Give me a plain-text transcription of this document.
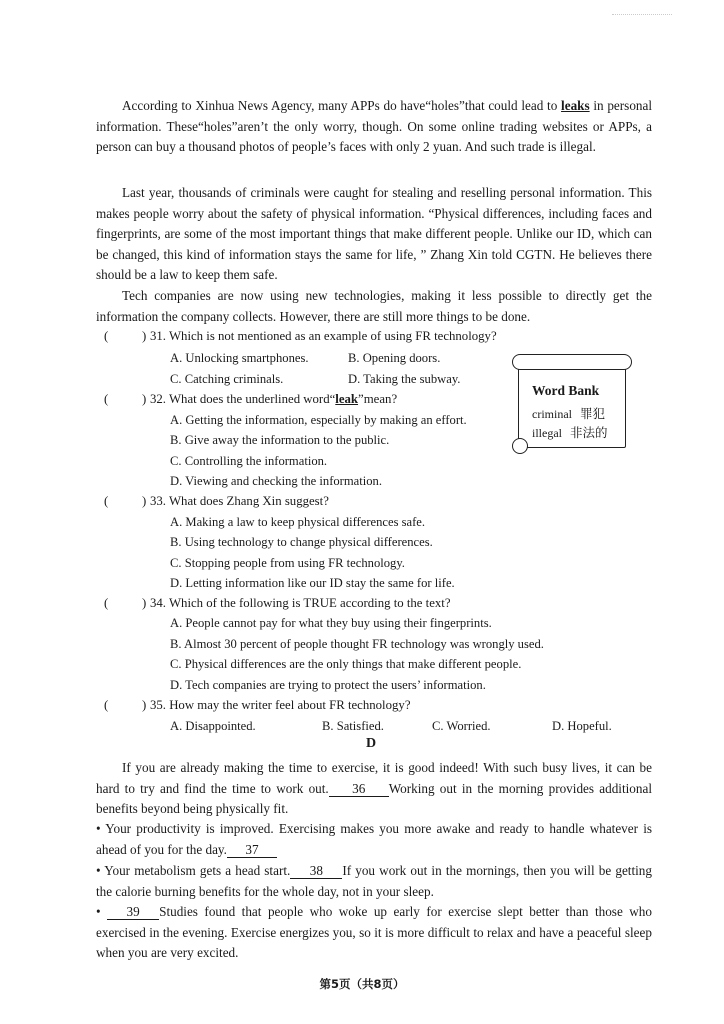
According to Xinhua News Agency, many APPs do have“holes”that could lead to leaks in personal information. These“holes”aren’t the only worry, though. On some online trading websites or APPs, a person can buy a thousand photos of people’s faces with only 2 yuan. And such trade is illegal.

Last year, thousands of criminals were caught for stealing and reselling personal information. This makes people worry about the safety of physical information. “Physical differences, including faces and fingerprints, are some of the most important things that make different people. Unlike our ID, which can be changed, this kind of information stays the same for life, ” Zhang Xin told CGTN. He believes there should be a law to keep them safe.

Tech companies are now using new technologies, making it less possible to directly get the information the company collects. However, there are still more things to be done.

(	) 31. Which is not mentioned as an example of using FR technology?
A. Unlocking smartphones.	B. Opening doors.
C. Catching criminals.	D. Taking the subway.
Word Bank
criminal 罪犯
illegal 非法的
(	) 32. What does the underlined word“leak”mean?
A. Getting the information, especially by making an effort.
B. Give away the information to the public.
C. Controlling the information.
D. Viewing and checking the information.
(	) 33. What does Zhang Xin suggest?
A. Making a law to keep physical differences safe.
B. Using technology to change physical differences.
C. Stopping people from using FR technology.
D. Letting information like our ID stay the same for life.
(	) 34. Which of the following is TRUE according to the text?
A. People cannot pay for what they buy using their fingerprints.
B. Almost 30 percent of people thought FR technology was wrongly used.
C. Physical differences are the only things that make different people.
D. Tech companies are trying to protect the users’ information.
(	) 35. How may the writer feel about FR technology?
A. Disappointed.	B. Satisfied.	C. Worried.	D. Hopeful.
D

If you are already making the time to exercise, it is good indeed! With such busy lives, it can be hard to try and find the time to work out. 36 Working out in the morning provides additional benefits beyond being physically fit.

• Your productivity is improved. Exercising makes you more awake and ready to handle whatever is ahead of you for the day. 37

• Your metabolism gets a head start. 38 If you work out in the mornings, then you will be getting the calorie burning benefits for the whole day, not in your sleep.

• 39 Studies found that people who woke up early for exercise slept better than those who exercised in the evening. Exercise energizes you, so it is more difficult to relax and have a peaceful sleep when you are very excited.

第5页（共8页）
